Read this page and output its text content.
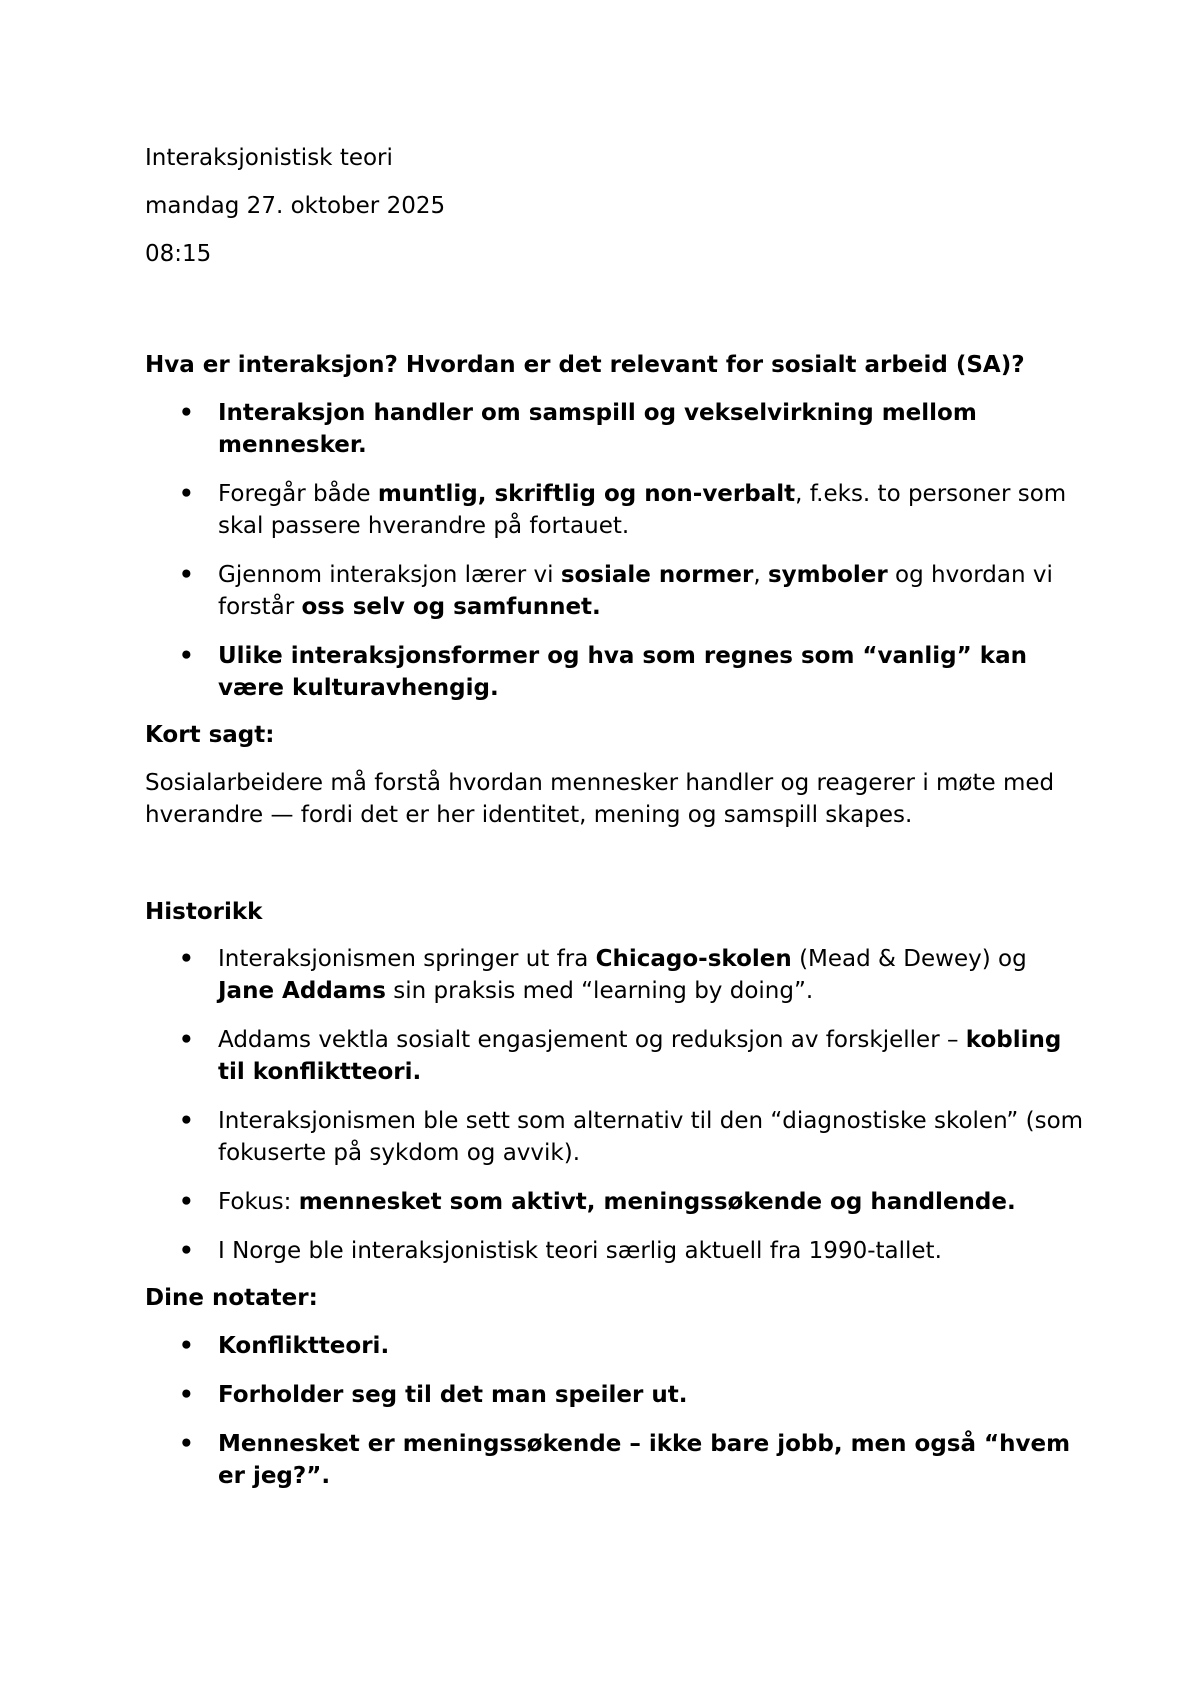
Interaksjonistisk teori

mandag 27. oktober 2025

08:15

Hva er interaksjon? Hvordan er det relevant for sosialt arbeid (SA)?
• Interaksjon handler om samspill og vekselvirkning mellom mennesker.
• Foregår både muntlig, skriftlig og non-verbalt, f.eks. to personer som skal passere hverandre på fortauet.
• Gjennom interaksjon lærer vi sosiale normer, symboler og hvordan vi forstår oss selv og samfunnet.
• Ulike interaksjonsformer og hva som regnes som “vanlig” kan være kulturavhengig.
Kort sagt:

Sosialarbeidere må forstå hvordan mennesker handler og reagerer i møte med hverandre — fordi det er her identitet, mening og samspill skapes.

Historikk
• Interaksjonismen springer ut fra Chicago-skolen (Mead & Dewey) og Jane Addams sin praksis med “learning by doing”.
• Addams vektla sosialt engasjement og reduksjon av forskjeller – kobling til konfliktteori.
• Interaksjonismen ble sett som alternativ til den “diagnostiske skolen” (som fokuserte på sykdom og avvik).
• Fokus: mennesket som aktivt, meningssøkende og handlende.
• I Norge ble interaksjonistisk teori særlig aktuell fra 1990-tallet.
Dine notater:
• Konfliktteori.
• Forholder seg til det man speiler ut.
• Mennesket er meningssøkende – ikke bare jobb, men også “hvem er jeg?”.
